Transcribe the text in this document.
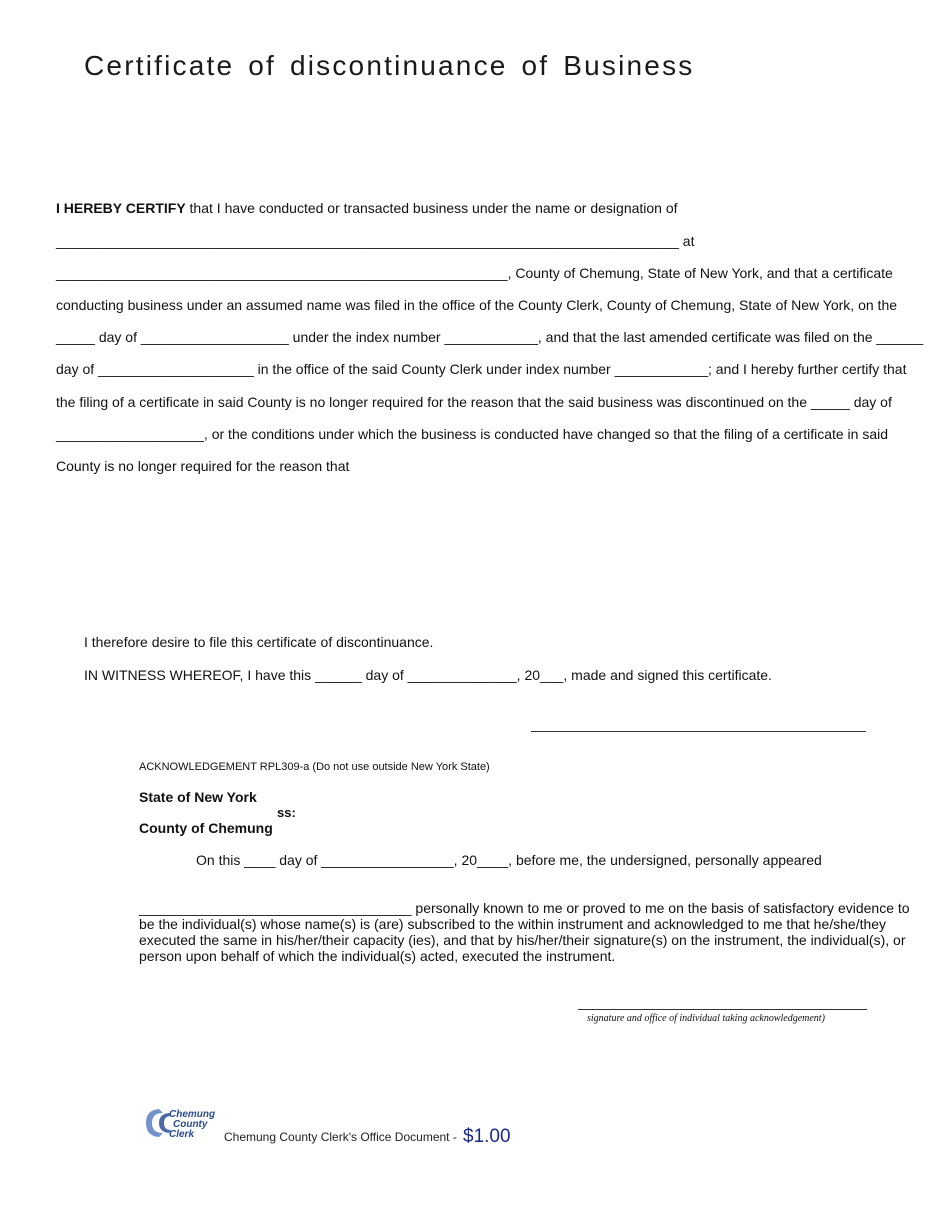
Certificate of discontinuance of Business
I HEREBY CERTIFY that I have conducted or transacted business under the name or designation of
________________________________________________________________________________ at
__________________________________________________________, County of Chemung, State of New York, and that a certificate
conducting business under an assumed name was filed in the office of the County Clerk, County of Chemung, State of New York, on the
_____ day of ___________________ under the index number ____________, and that the last amended certificate was filed on the ______
day of ____________________ in the office of the said County Clerk under index number ____________; and I hereby further certify that
the filing of a certificate in said County is no longer required for the reason that the said business was discontinued on the _____ day of
___________________, or the conditions under which the business is conducted have changed so that the filing of a certificate in said
County is no longer required for the reason that
I therefore desire to file this certificate of discontinuance.
IN WITNESS WHEREOF, I have this ______ day of ______________, 20___, made and signed this certificate.
ACKNOWLEDGEMENT RPL309-a (Do not use outside New York State)
State of New York
ss:
County of Chemung
On this ____ day of _________________, 20____, before me, the undersigned, personally appeared
___________________________________ personally known to me or proved to me on the basis of satisfactory evidence to be the individual(s) whose name(s) is (are) subscribed to the within instrument and acknowledged to me that he/she/they executed the same in his/her/their capacity (ies), and that by his/her/their signature(s) on the instrument, the individual(s), or person upon behalf of which the individual(s) acted, executed the instrument.
signature and office of individual taking acknowledgement)
Chemung
County
Clerk Chemung County Clerk's Office Document - $1.00
